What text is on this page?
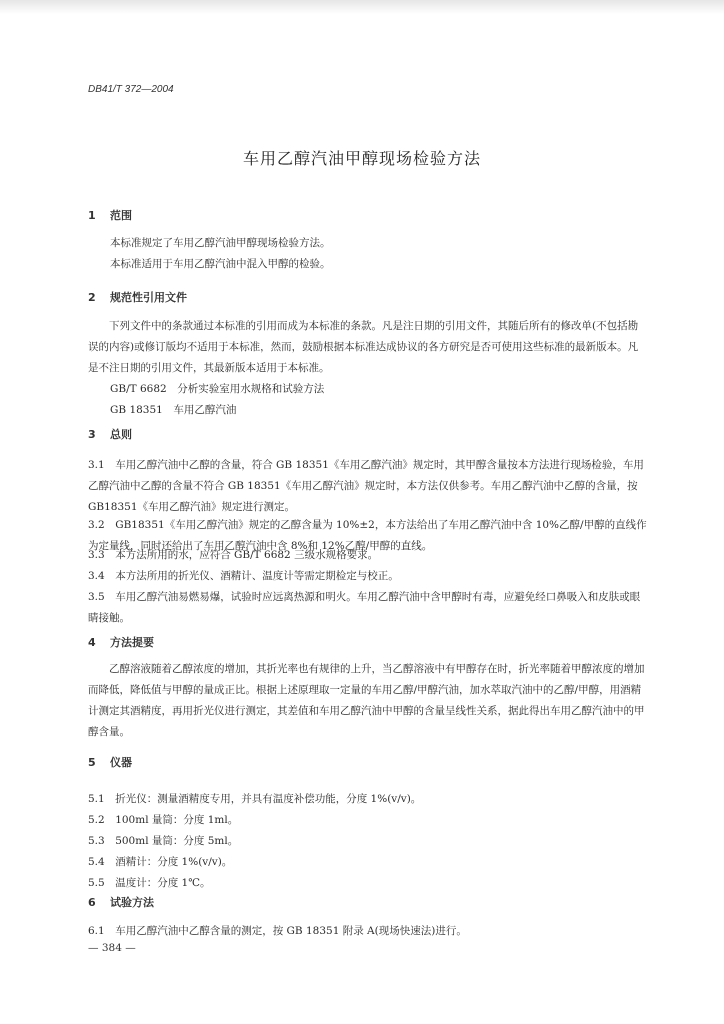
DB41/T 372—2004
车用乙醇汽油甲醇现场检验方法
1 范围
本标准规定了车用乙醇汽油甲醇现场检验方法。
本标准适用于车用乙醇汽油中混入甲醇的检验。
2 规范性引用文件
下列文件中的条款通过本标准的引用而成为本标准的条款。凡是注日期的引用文件，其随后所有的修改单(不包括勘误的内容)或修订版均不适用于本标准，然而，鼓励根据本标准达成协议的各方研究是否可使用这些标准的最新版本。凡是不注日期的引用文件，其最新版本适用于本标准。
GB/T 6682　分析实验室用水规格和试验方法
GB 18351　车用乙醇汽油
3 总则
3.1　车用乙醇汽油中乙醇的含量，符合 GB 18351《车用乙醇汽油》规定时，其甲醇含量按本方法进行现场检验，车用乙醇汽油中乙醇的含量不符合 GB 18351《车用乙醇汽油》规定时，本方法仅供参考。车用乙醇汽油中乙醇的含量，按 GB18351《车用乙醇汽油》规定进行测定。
3.2　GB18351《车用乙醇汽油》规定的乙醇含量为 10%±2，本方法给出了车用乙醇汽油中含 10%乙醇/甲醇的直线作为定量线，同时还给出了车用乙醇汽油中含 8%和 12%乙醇/甲醇的直线。
3.3　本方法所用的水，应符合 GB/T 6682 三级水规格要求。
3.4　本方法所用的折光仪、酒精计、温度计等需定期检定与校正。
3.5　车用乙醇汽油易燃易爆，试验时应远离热源和明火。车用乙醇汽油中含甲醇时有毒，应避免经口鼻吸入和皮肤或眼睛接触。
4 方法提要
乙醇溶液随着乙醇浓度的增加，其折光率也有规律的上升，当乙醇溶液中有甲醇存在时，折光率随着甲醇浓度的增加而降低，降低值与甲醇的量成正比。根据上述原理取一定量的车用乙醇/甲醇汽油，加水萃取汽油中的乙醇/甲醇，用酒精计测定其酒精度，再用折光仪进行测定，其差值和车用乙醇汽油中甲醇的含量呈线性关系，据此得出车用乙醇汽油中的甲醇含量。
5 仪器
5.1　折光仪：测量酒精度专用，并具有温度补偿功能，分度 1%(v/v)。
5.2　100ml 量筒：分度 1ml。
5.3　500ml 量筒：分度 5ml。
5.4　酒精计：分度 1%(v/v)。
5.5　温度计：分度 1℃。
6 试验方法
6.1　车用乙醇汽油中乙醇含量的测定，按 GB 18351 附录 A(现场快速法)进行。
— 384 —
